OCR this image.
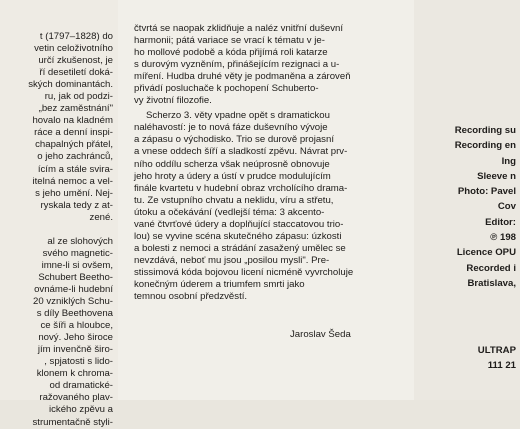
t (1797–1828) do
vetin celoživotního
určí zkušenost, je
ří desetiletí doká-
ských dominantách.
ru, jak od podzi-
„bez zaměstnání"
hovalo na kladném
ráce a denní inspi-
chapalných přátel,
o jeho zachránců,
ícím a stále svira-
itelná nemoc a vel-
s jeho umění. Nej-
ryskala tedy z at-
zené.

al ze slohových
svého magnetic-
imne-li si ovšem,
Schubert Beetho-
ovnáme-li hudební
20 vzniklých Schu-
s díly Beethovena
ce šíři a hloubce,
nový. Jeho široce
jím invenčně širo-
, spjatosti s lido-
klonem k chroma-
od dramatické-
ražovaného plav-
ického zpěvu a
strumentačně styli-
čtvrtá se naopak zklidňuje a naléz vnitřní duševní
harmonii; pátá variace se vrací k tématu v je-
ho mollové podobě a kóda přijímá roli katarze
s durovým vyzněním, přinášejícím rezignaci a u-
míření. Hudba druhé věty je podmaněna a zároveň
přivádí posluchače k pochopení Schuberto-
vy životní filozofie.
Scherzo 3. věty vpadne opět s dramatickou
naléhavostí: je to nová fáze duševního vývoje
a zápasu o východisko. Trio se durově projasní
a vnese oddech šíří a sladkostí zpěvu. Návrat prv-
ního oddílu scherza však neúprosně obnovuje
jeho hroty a údery a ústí v prudce modulujícím
finále kvartetu v hudební obraz vrcholícího drama-
tu. Ze vstupního chvatu a neklidu, víru a střetu,
útoku a očekávání (vedlejší téma: 3 akcento-
vané čtvrťové údery a doplňující staccatovou trio-
lou) se vyvine scéna skutečného zápasu: úzkosti
a bolesti z nemoci a strádání zasažený umělec se
nevzdává, neboť mu jsou „posilou mysli". Pre-
stissimová kóda bojovou licení nicméně vyvrcholuje
konečným úderem a triumfem smrti jako
temnou osobní předzvěstí.
Jaroslav Šeda
Recording su
Recording en
Ing
Sleeve n
Photo: Pavel
Cov
Editor:
℗ 198
Licence OPU
Recorded i
Bratislava,
ULTRAP
111 21
